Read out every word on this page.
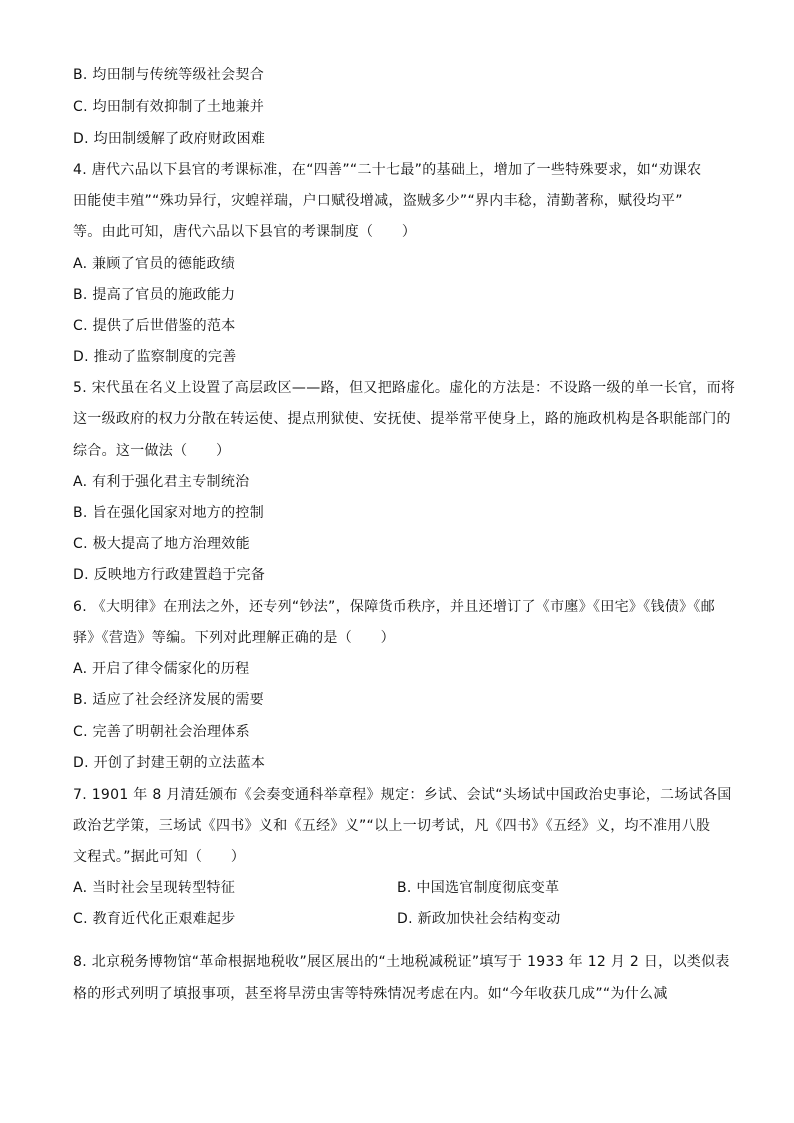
B. 均田制与传统等级社会契合
C. 均田制有效抑制了土地兼并
D. 均田制缓解了政府财政困难
4. 唐代六品以下县官的考课标准，在“四善”“二十七最”的基础上，增加了一些特殊要求，如“劝课农
田能使丰殖”“殊功异行，灾蝗祥瑞，户口赋役增减，盗贼多少”“界内丰稔，清勤著称，赋役均平”
等。由此可知，唐代六品以下县官的考课制度（　　）
A. 兼顾了官员的德能政绩
B. 提高了官员的施政能力
C. 提供了后世借鉴的范本
D. 推动了监察制度的完善
5. 宋代虽在名义上设置了高层政区——路，但又把路虚化。虚化的方法是：不设路一级的单一长官，而将
这一级政府的权力分散在转运使、提点刑狱使、安抚使、提举常平使身上，路的施政机构是各职能部门的
综合。这一做法（　　）
A. 有利于强化君主专制统治
B. 旨在强化国家对地方的控制
C. 极大提高了地方治理效能
D. 反映地方行政建置趋于完备
6. 《大明律》在刑法之外，还专列“钞法”，保障货币秩序，并且还增订了《市廛》《田宅》《钱债》《邮
驿》《营造》等编。下列对此理解正确的是（　　）
A. 开启了律令儒家化的历程
B. 适应了社会经济发展的需要
C. 完善了明朝社会治理体系
D. 开创了封建王朝的立法蓝本
7. 1901 年 8 月清廷颁布《会奏变通科举章程》规定：乡试、会试“头场试中国政治史事论，二场试各国
政治艺学策，三场试《四书》义和《五经》义”“以上一切考试，凡《四书》《五经》义，均不准用八股
文程式。”据此可知（　　）
A. 当时社会呈现转型特征	B. 中国选官制度彻底变革
C. 教育近代化正艰难起步	D. 新政加快社会结构变动
8. 北京税务博物馆“革命根据地税收”展区展出的“土地税减税证”填写于 1933 年 12 月 2 日，以类似表
格的形式列明了填报事项，甚至将旱涝虫害等特殊情况考虑在内。如“今年收获几成”“为什么减
